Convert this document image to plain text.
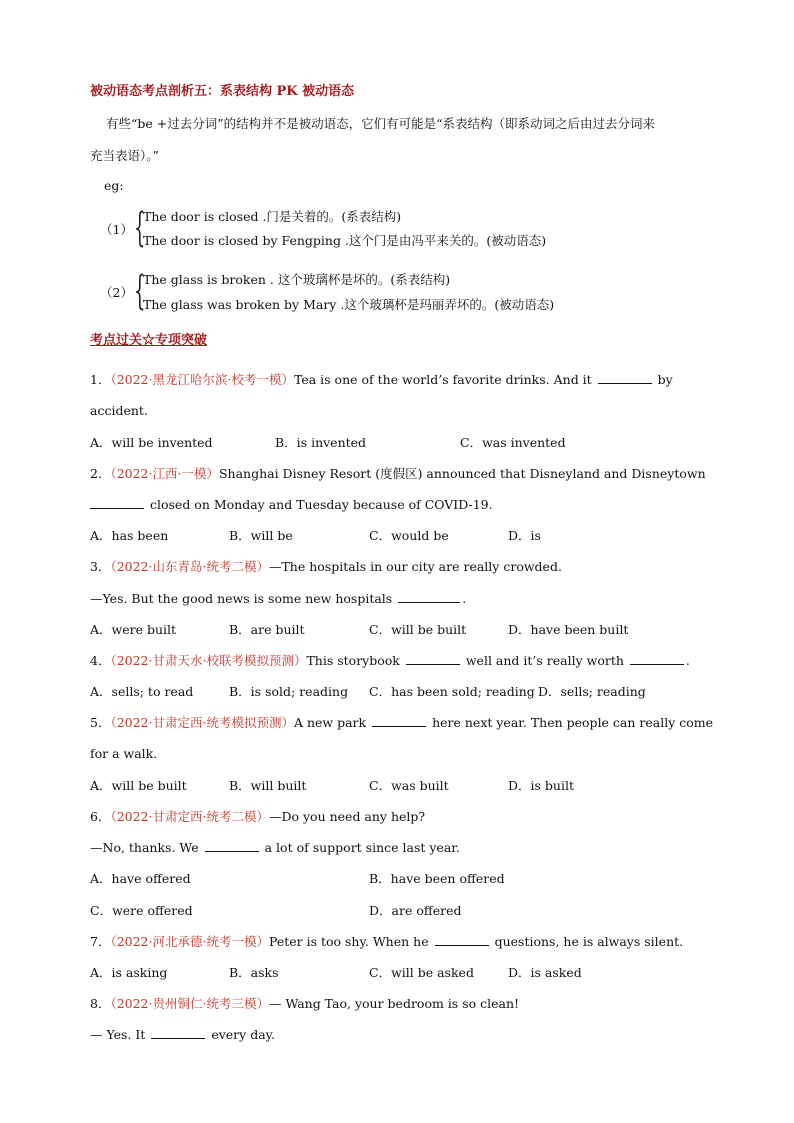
被动语态考点剖析五：系表结构 PK 被动语态
有些“be +过去分词”的结构并不是被动语态，它们有可能是“系表结构（即系动词之后由过去分词来
充当表语）。”
eg:
（1） {
The door is closed .门是关着的。(系表结构)
The door is closed by Fengping .这个门是由冯平来关的。(被动语态)
（2） {
The glass is broken . 这个玻璃杯是坏的。(系表结构)
The glass was broken by Mary .这个玻璃杯是玛丽弄坏的。(被动语态)
考点过关☆专项突破
1．（2022·黑龙江哈尔滨·校考一模）Tea is one of the world’s favorite drinks. And it	by
accident.
A．will be invented	B．is invented	C．was invented
2．（2022·江西·一模）Shanghai Disney Resort (度假区) announced that Disneyland and Disneytown
closed on Monday and Tuesday because of COVID-19.
A．has been	B．will be	C．would be	D．is
3．（2022·山东青岛·统考二模）—The hospitals in our city are really crowded.
—Yes. But the good news is some new hospitals	.
A．were built	B．are built	C．will be built	D．have been built
4．（2022·甘肃天水·校联考模拟预测）This storybook	well and it’s really worth	.
A．sells; to read	B．is sold; reading C．has been sold; reading D．sells; reading
5．（2022·甘肃定西·统考模拟预测）A new park	here next year. Then people can really come
for a walk.
A．will be built	B．will built	C．was built	D．is built
6．（2022·甘肃定西·统考二模）—Do you need any help?
—No, thanks. We	a lot of support since last year.
A．have offered	B．have been offered
C．were offered	D．are offered
7．（2022·河北承德·统考一模）Peter is too shy. When he	questions, he is always silent.
A．is asking	B．asks	C．will be asked	D．is asked
8．（2022·贵州铜仁·统考三模）— Wang Tao, your bedroom is so clean!
— Yes. It	every day.
